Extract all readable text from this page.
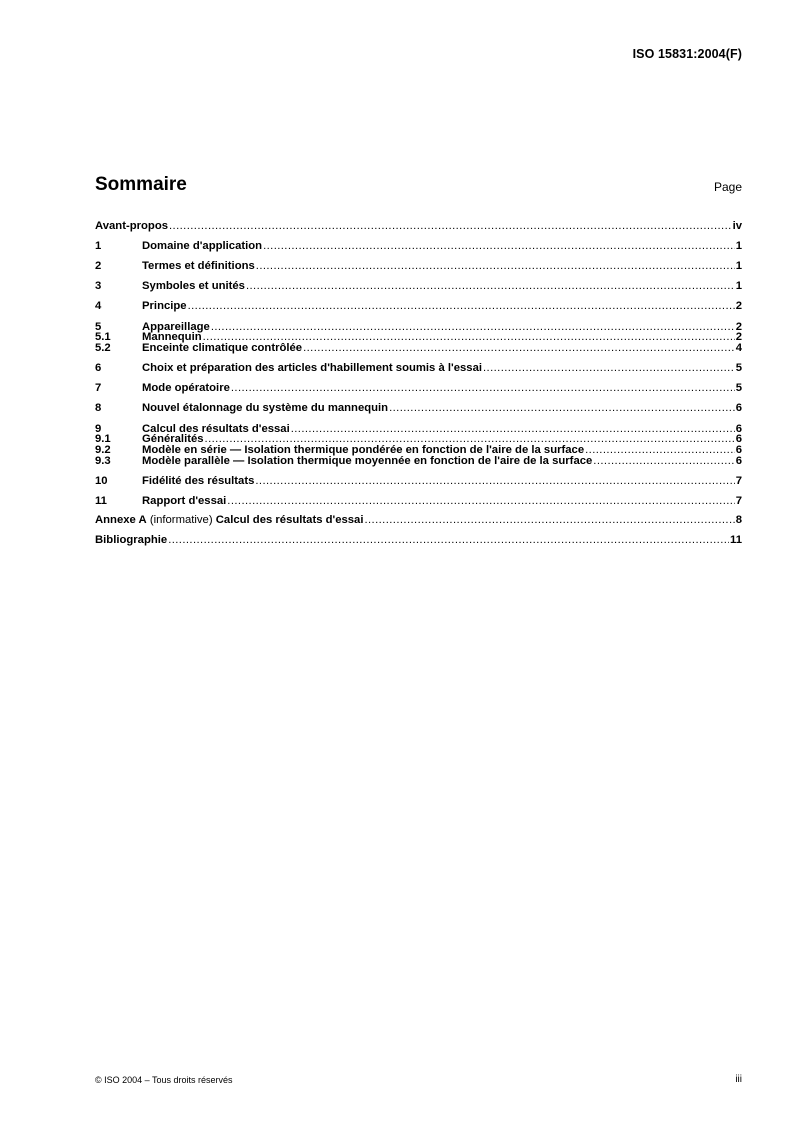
ISO 15831:2004(F)
Sommaire	Page
Avant-propos .....	iv
1	Domaine d'application .....	1
2	Termes et définitions .....	1
3	Symboles et unités .....	1
4	Principe .....	2
5	Appareillage .....	2
5.1	Mannequin .....	2
5.2	Enceinte climatique contrôlée .....	4
6	Choix et préparation des articles d'habillement soumis à l'essai .....	5
7	Mode opératoire .....	5
8	Nouvel étalonnage du système du mannequin .....	6
9	Calcul des résultats d'essai .....	6
9.1	Généralités .....	6
9.2	Modèle en série — Isolation thermique pondérée en fonction de l'aire de la surface .....	6
9.3	Modèle parallèle — Isolation thermique moyennée en fonction de l'aire de la surface .....	6
10	Fidélité des résultats .....	7
11	Rapport d'essai .....	7
Annexe A (informative) Calcul des résultats d'essai .....	8
Bibliographie .....	11
© ISO 2004 – Tous droits réservés	iii
